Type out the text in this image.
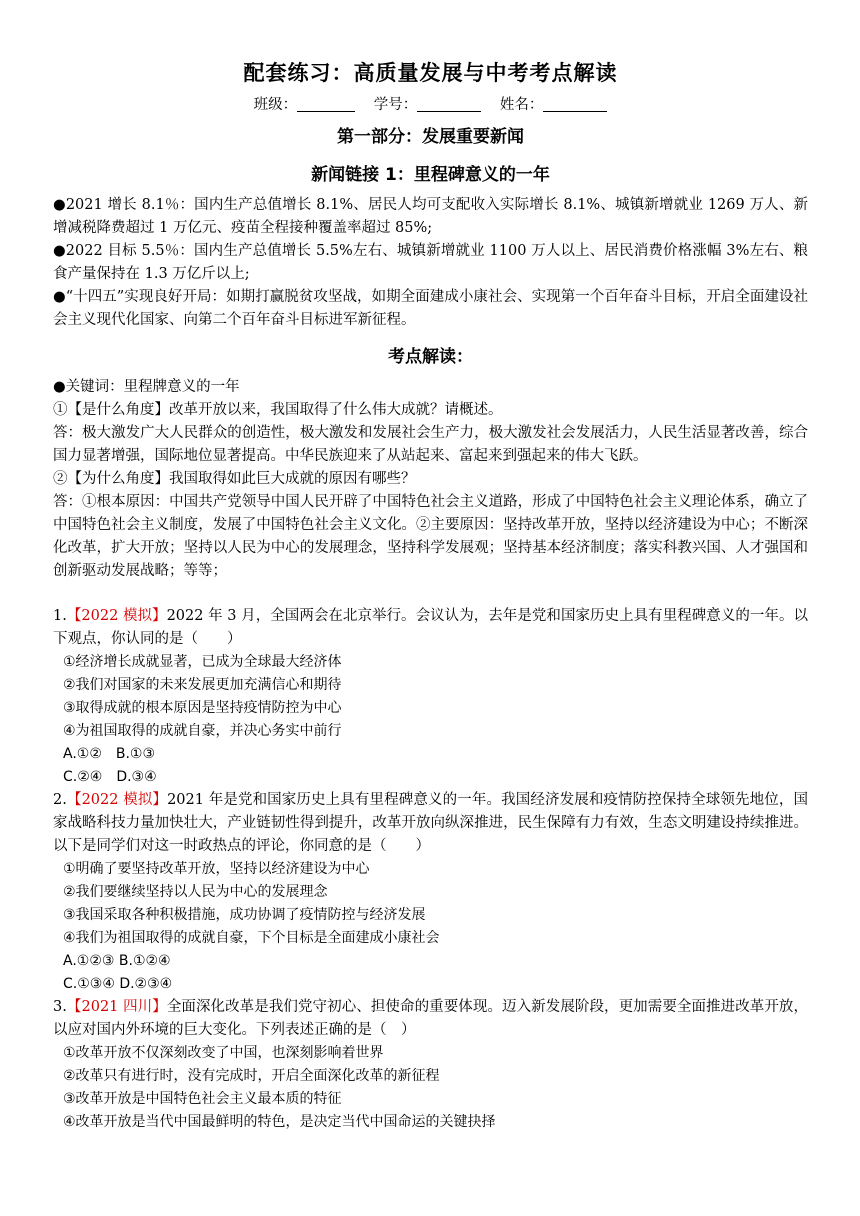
配套练习：高质量发展与中考考点解读
班级：	学号：	姓名：
第一部分：发展重要新闻
新闻链接 1：里程碑意义的一年

●2021 增长 8.1％：国内生产总值增长 8.1%、居民人均可支配收入实际增长 8.1%、城镇新增就业 1269 万人、新增减税降费超过 1 万亿元、疫苗全程接种覆盖率超过 85%;

●2022 目标 5.5％：国内生产总值增长 5.5%左右、城镇新增就业 1100 万人以上、居民消费价格涨幅 3%左右、粮食产量保持在 1.3 万亿斤以上;

●“十四五”实现良好开局：如期打赢脱贫攻坚战，如期全面建成小康社会、实现第一个百年奋斗目标，开启全面建设社会主义现代化国家、向第二个百年奋斗目标进军新征程。

考点解读：

●关键词：里程牌意义的一年

①【是什么角度】改革开放以来，我国取得了什么伟大成就？请概述。

答：极大激发广大人民群众的创造性，极大激发和发展社会生产力，极大激发社会发展活力，人民生活显著改善，综合国力显著增强，国际地位显著提高。中华民族迎来了从站起来、富起来到强起来的伟大飞跃。

②【为什么角度】我国取得如此巨大成就的原因有哪些？

答：①根本原因：中国共产党领导中国人民开辟了中国特色社会主义道路，形成了中国特色社会主义理论体系，确立了中国特色社会主义制度，发展了中国特色社会主义文化。②主要原因：坚持改革开放，坚持以经济建设为中心；不断深化改革，扩大开放；坚持以人民为中心的发展理念，坚持科学发展观；坚持基本经济制度；落实科教兴国、人才强国和创新驱动发展战略；等等；

1.【2022 模拟】2022 年 3 月，全国两会在北京举行。会议认为，去年是党和国家历史上具有里程碑意义的一年。以下观点，你认同的是（　　）

①经济增长成就显著，已成为全球最大经济体
②我们对国家的未来发展更加充满信心和期待
③取得成就的根本原因是坚持疫情防控为中心
④为祖国取得的成就自豪，并决心务实中前行
A.①②　B.①③
C.②④　D.③④

2.【2022 模拟】2021 年是党和国家历史上具有里程碑意义的一年。我国经济发展和疫情防控保持全球领先地位，国家战略科技力量加快壮大，产业链韧性得到提升，改革开放向纵深推进，民生保障有力有效，生态文明建设持续推进。以下是同学们对这一时政热点的评论，你同意的是（　　）

①明确了要坚持改革开放，坚持以经济建设为中心
②我们要继续坚持以人民为中心的发展理念
③我国采取各种积极措施，成功协调了疫情防控与经济发展
④我们为祖国取得的成就自豪，下个目标是全面建成小康社会
A.①②③ B.①②④
C.①③④ D.②③④

3.【2021 四川】全面深化改革是我们党守初心、担使命的重要体现。迈入新发展阶段，更加需要全面推进改革开放，以应对国内外环境的巨大变化。下列表述正确的是（　）

①改革开放不仅深刻改变了中国，也深刻影响着世界
②改革只有进行时，没有完成时，开启全面深化改革的新征程
③改革开放是中国特色社会主义最本质的特征
④改革开放是当代中国最鲜明的特色，是决定当代中国命运的关键抉择
